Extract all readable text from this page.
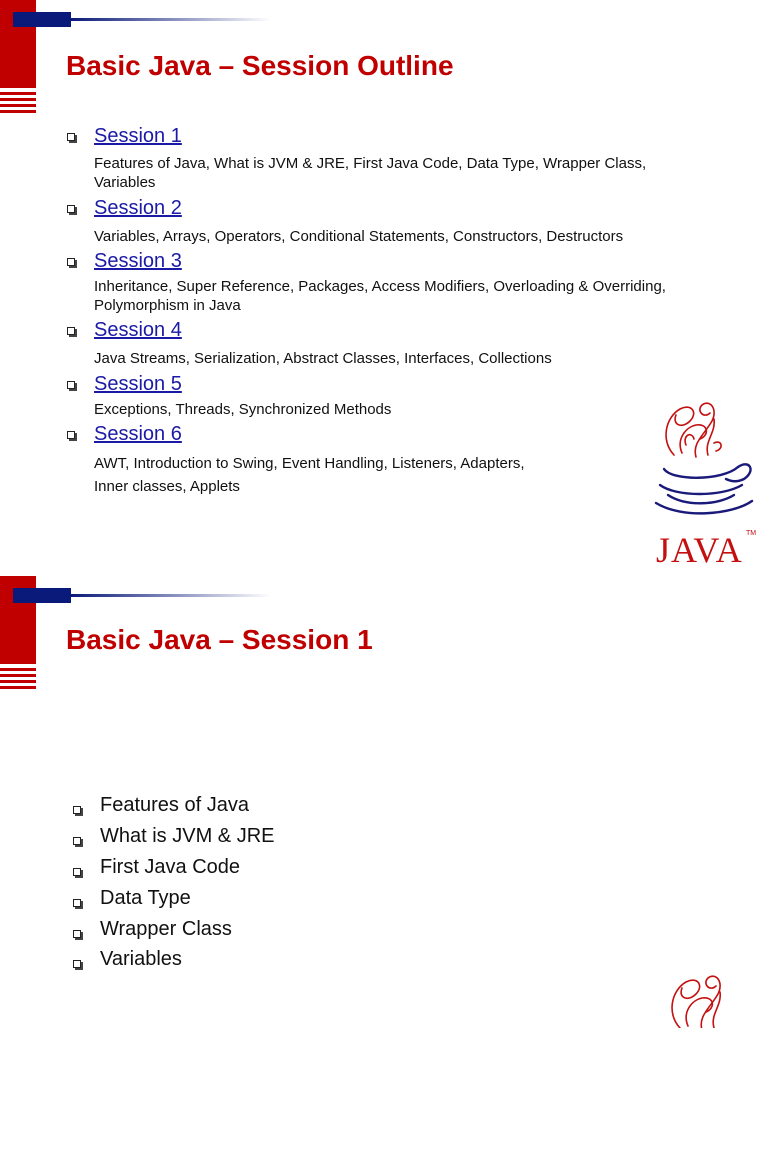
Basic Java – Session Outline
Session 1
Features of Java, What is JVM & JRE, First Java Code, Data Type, Wrapper Class, Variables
Session 2
Variables, Arrays, Operators, Conditional Statements, Constructors, Destructors
Session 3
Inheritance, Super Reference, Packages, Access Modifiers, Overloading & Overriding, Polymorphism in Java
Session 4
Java Streams, Serialization, Abstract Classes, Interfaces, Collections
Session 5
Exceptions, Threads, Synchronized Methods
Session 6
AWT, Introduction to Swing, Event Handling, Listeners, Adapters,
Inner classes, Applets
JAVA TM
Basic Java – Session 1
Features of Java
What is JVM & JRE
First Java Code
Data Type
Wrapper Class
Variables
